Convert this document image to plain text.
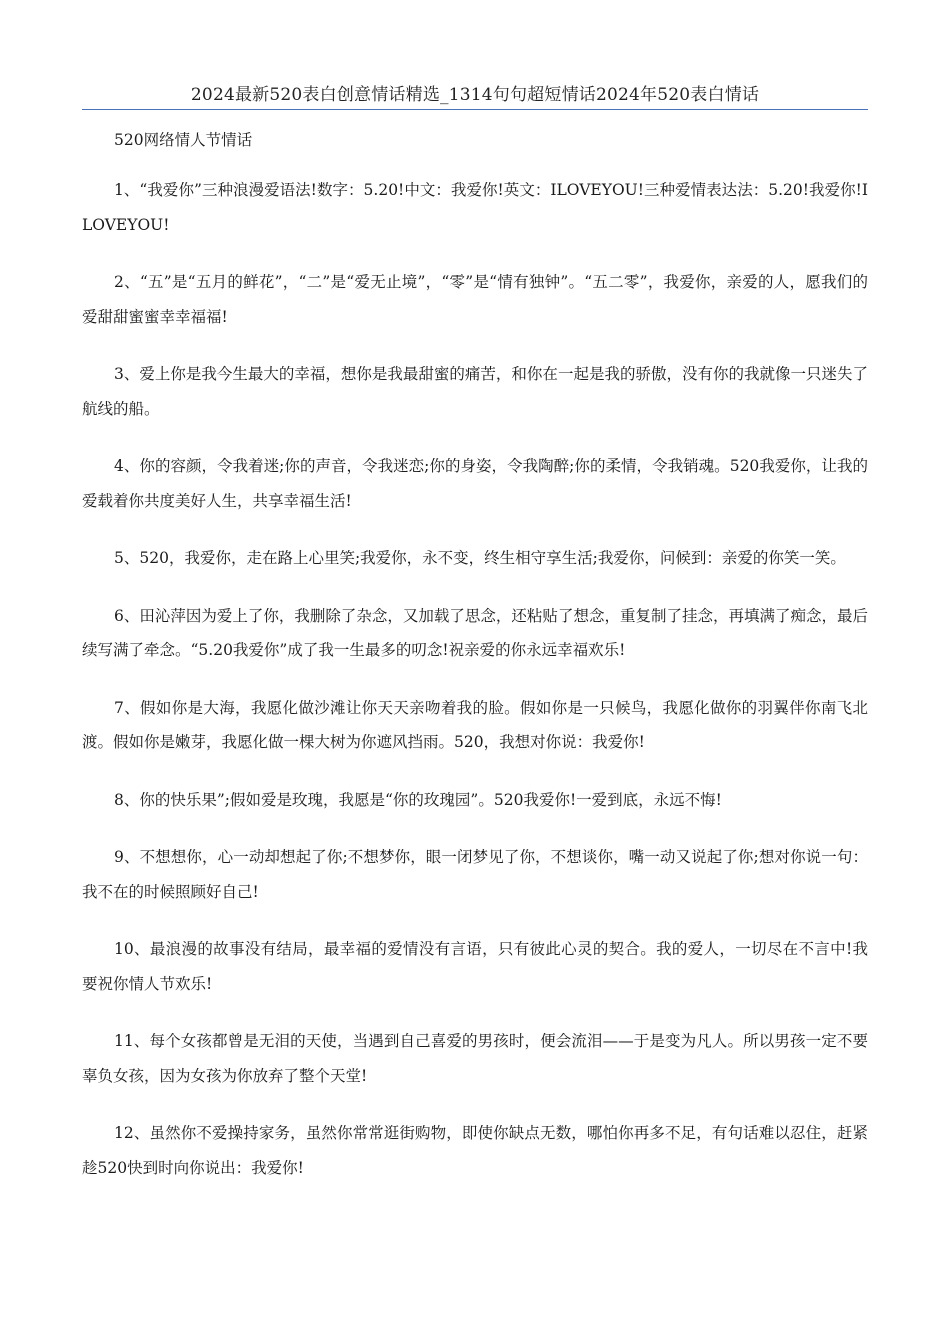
2024最新520表白创意情话精选_1314句句超短情话2024年520表白情话

520网络情人节情话

1、“我爱你”三种浪漫爱语法!数字：5.20!中文：我爱你!英文：ILOVEYOU!三种爱情表达法：5.20!我爱你!ILOVEYOU!

2、“五”是“五月的鲜花”，“二”是“爱无止境”，“零”是“情有独钟”。“五二零”，我爱你，亲爱的人，愿我们的爱甜甜蜜蜜幸幸福福!

3、爱上你是我今生最大的幸福，想你是我最甜蜜的痛苦，和你在一起是我的骄傲，没有你的我就像一只迷失了航线的船。

4、你的容颜，令我着迷;你的声音，令我迷恋;你的身姿，令我陶醉;你的柔情，令我销魂。520我爱你，让我的爱载着你共度美好人生，共享幸福生活!

5、520，我爱你，走在路上心里笑;我爱你，永不变，终生相守享生活;我爱你，问候到：亲爱的你笑一笑。

6、田沁萍因为爱上了你，我删除了杂念，又加载了思念，还粘贴了想念，重复制了挂念，再填满了痴念，最后续写满了牵念。“5.20我爱你”成了我一生最多的叨念!祝亲爱的你永远幸福欢乐!

7、假如你是大海，我愿化做沙滩让你天天亲吻着我的脸。假如你是一只候鸟，我愿化做你的羽翼伴你南飞北渡。假如你是嫩芽，我愿化做一棵大树为你遮风挡雨。520，我想对你说：我爱你!

8、你的快乐果”;假如爱是玫瑰，我愿是“你的玫瑰园”。520我爱你!一爱到底，永远不悔!

9、不想想你，心一动却想起了你;不想梦你，眼一闭梦见了你，不想谈你，嘴一动又说起了你;想对你说一句：我不在的时候照顾好自己!

10、最浪漫的故事没有结局，最幸福的爱情没有言语，只有彼此心灵的契合。我的爱人，一切尽在不言中!我要祝你情人节欢乐!

11、每个女孩都曾是无泪的天使，当遇到自己喜爱的男孩时，便会流泪——于是变为凡人。所以男孩一定不要辜负女孩，因为女孩为你放弃了整个天堂!

12、虽然你不爱操持家务，虽然你常常逛街购物，即使你缺点无数，哪怕你再多不足，有句话难以忍住，赶紧趁520快到时向你说出：我爱你!
